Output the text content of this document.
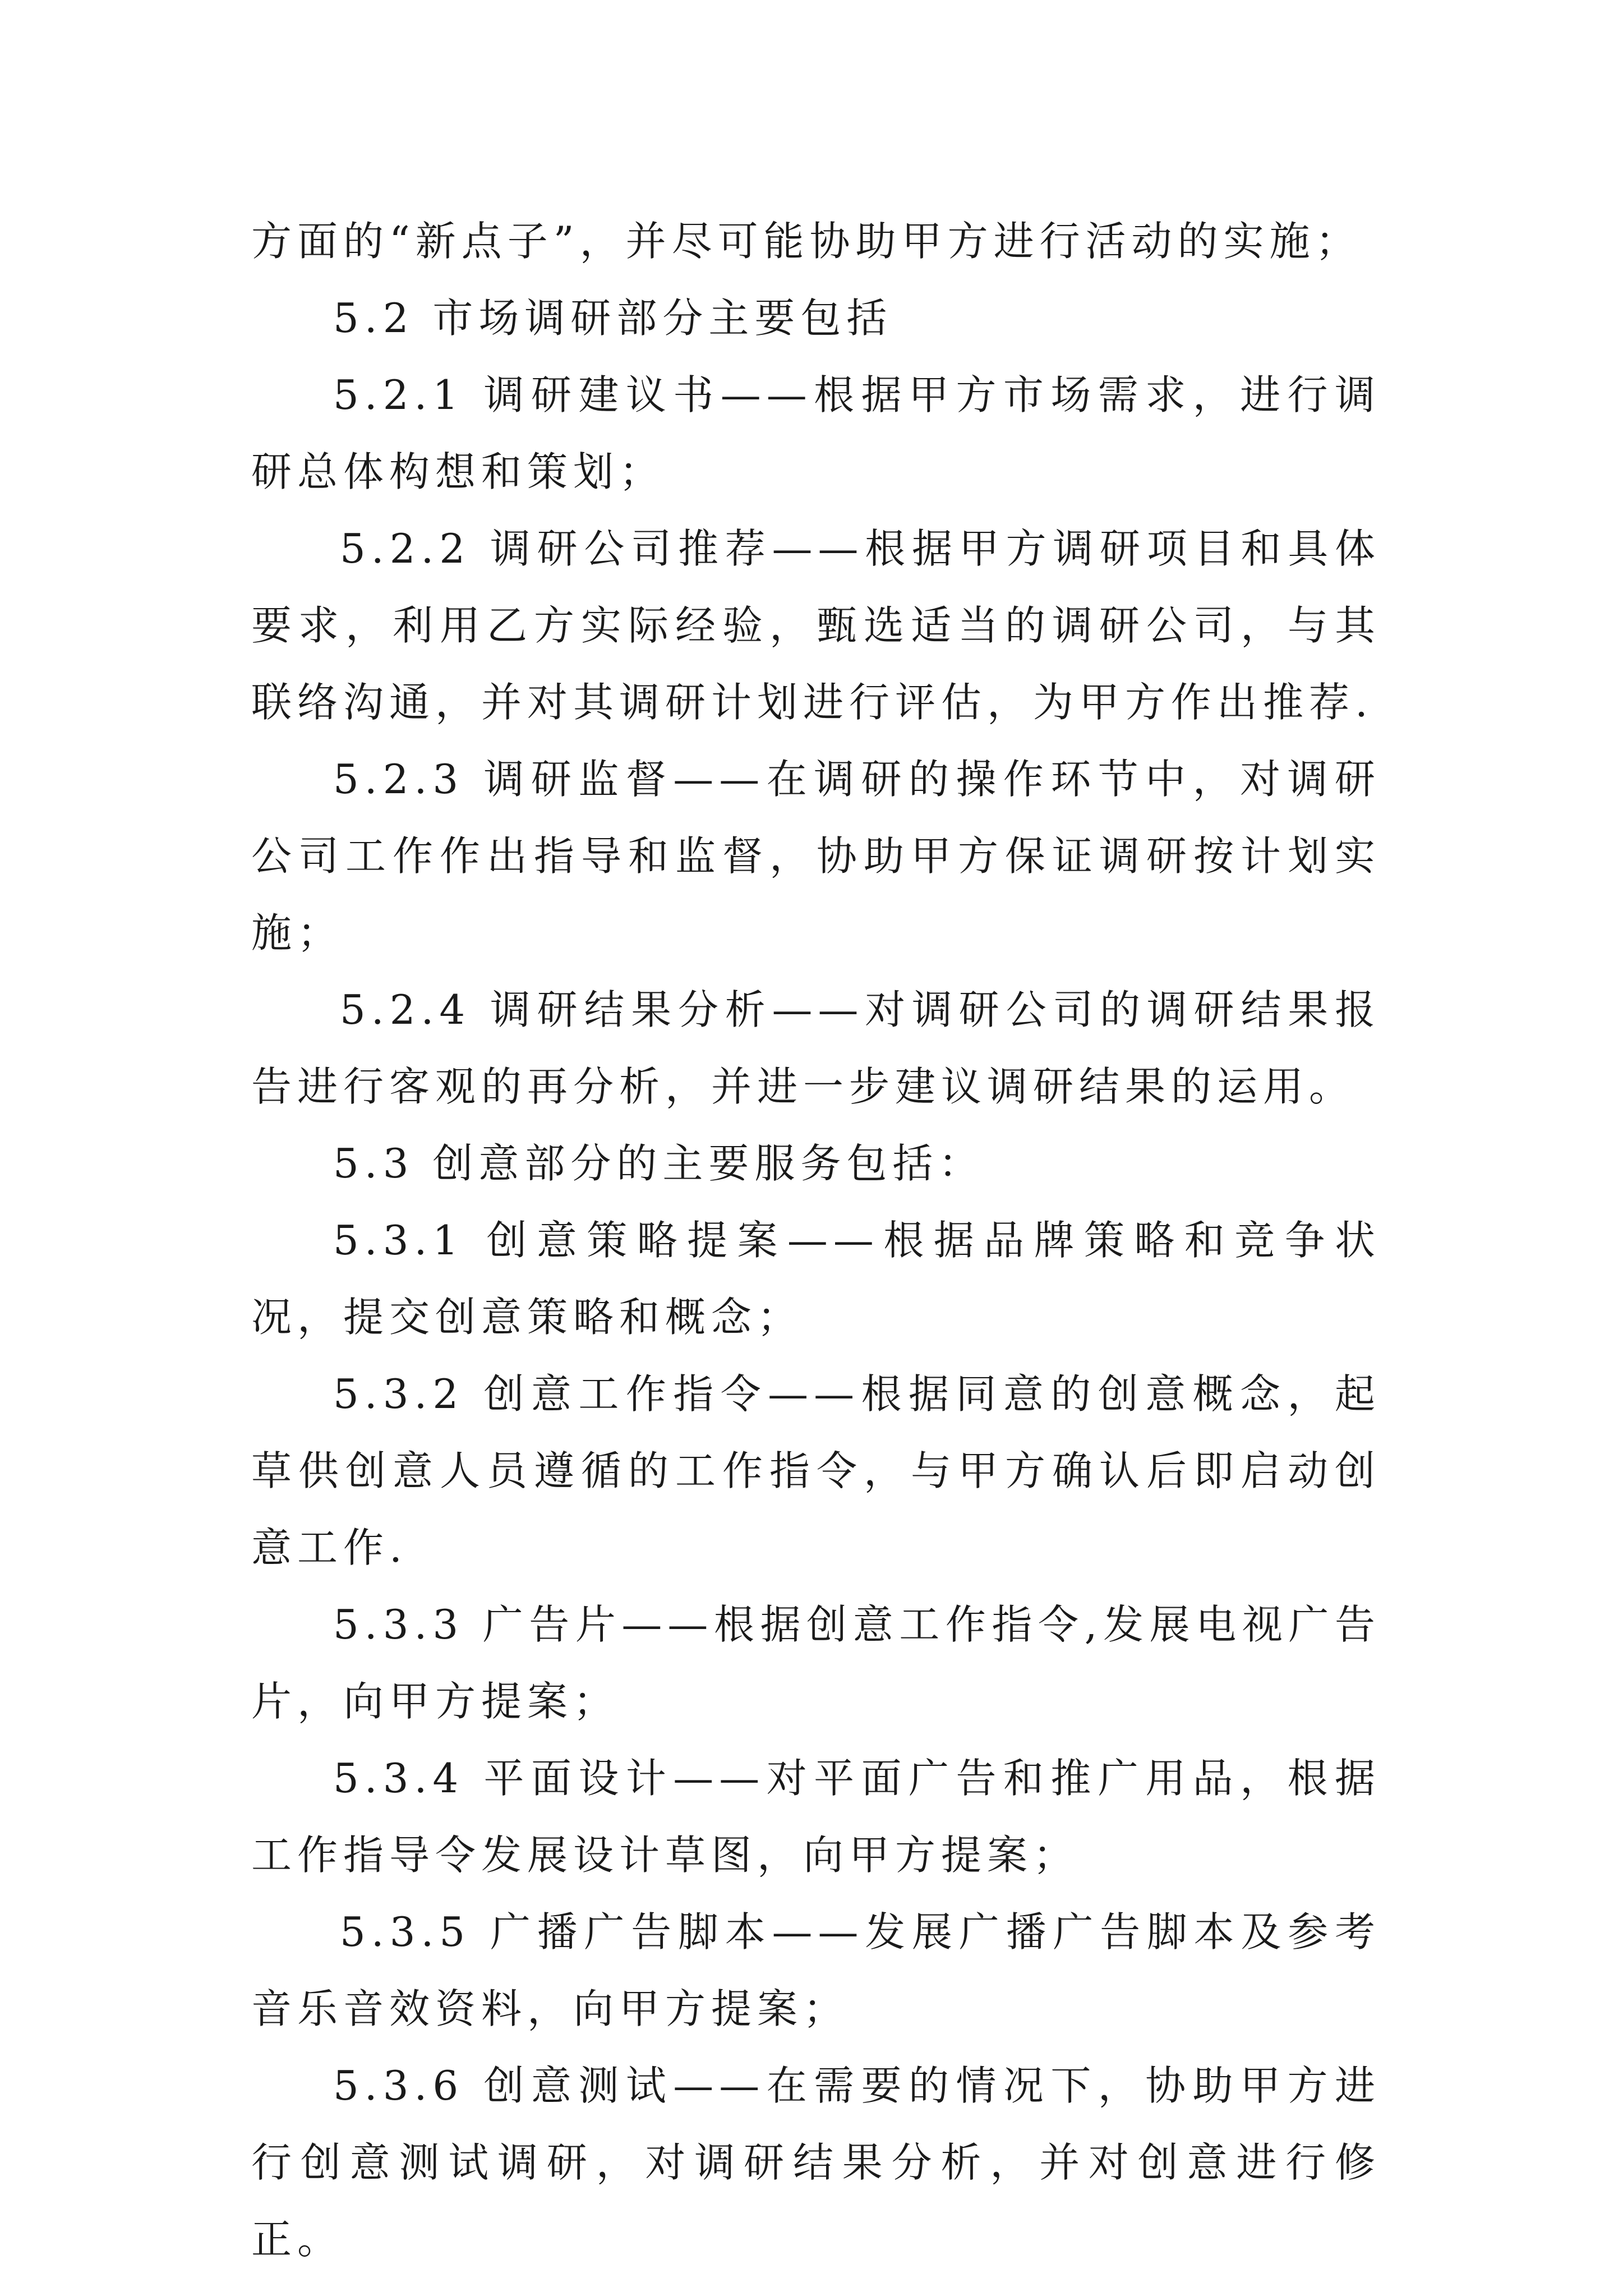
方面的“新点子”，并尽可能协助甲方进行活动的实施；

5.2 市场调研部分主要包括

5.2.1 调研建议书——根据甲方市场需求，进行调研总体构想和策划；

5.2.2 调研公司推荐——根据甲方调研项目和具体要求，利用乙方实际经验，甄选适当的调研公司，与其联络沟通，并对其调研计划进行评估，为甲方作出推荐.

5.2.3 调研监督——在调研的操作环节中，对调研公司工作作出指导和监督，协助甲方保证调研按计划实施；

5.2.4 调研结果分析——对调研公司的调研结果报告进行客观的再分析，并进一步建议调研结果的运用。

5.3 创意部分的主要服务包括：

5.3.1 创意策略提案——根据品牌策略和竞争状况，提交创意策略和概念；

5.3.2 创意工作指令——根据同意的创意概念，起草供创意人员遵循的工作指令，与甲方确认后即启动创意工作.

5.3.3 广告片——根据创意工作指令,发展电视广告片，向甲方提案；

5.3.4 平面设计——对平面广告和推广用品，根据工作指导令发展设计草图，向甲方提案；

5.3.5 广播广告脚本——发展广播广告脚本及参考音乐音效资料，向甲方提案；

5.3.6 创意测试——在需要的情况下，协助甲方进行创意测试调研，对调研结果分析，并对创意进行修正。
